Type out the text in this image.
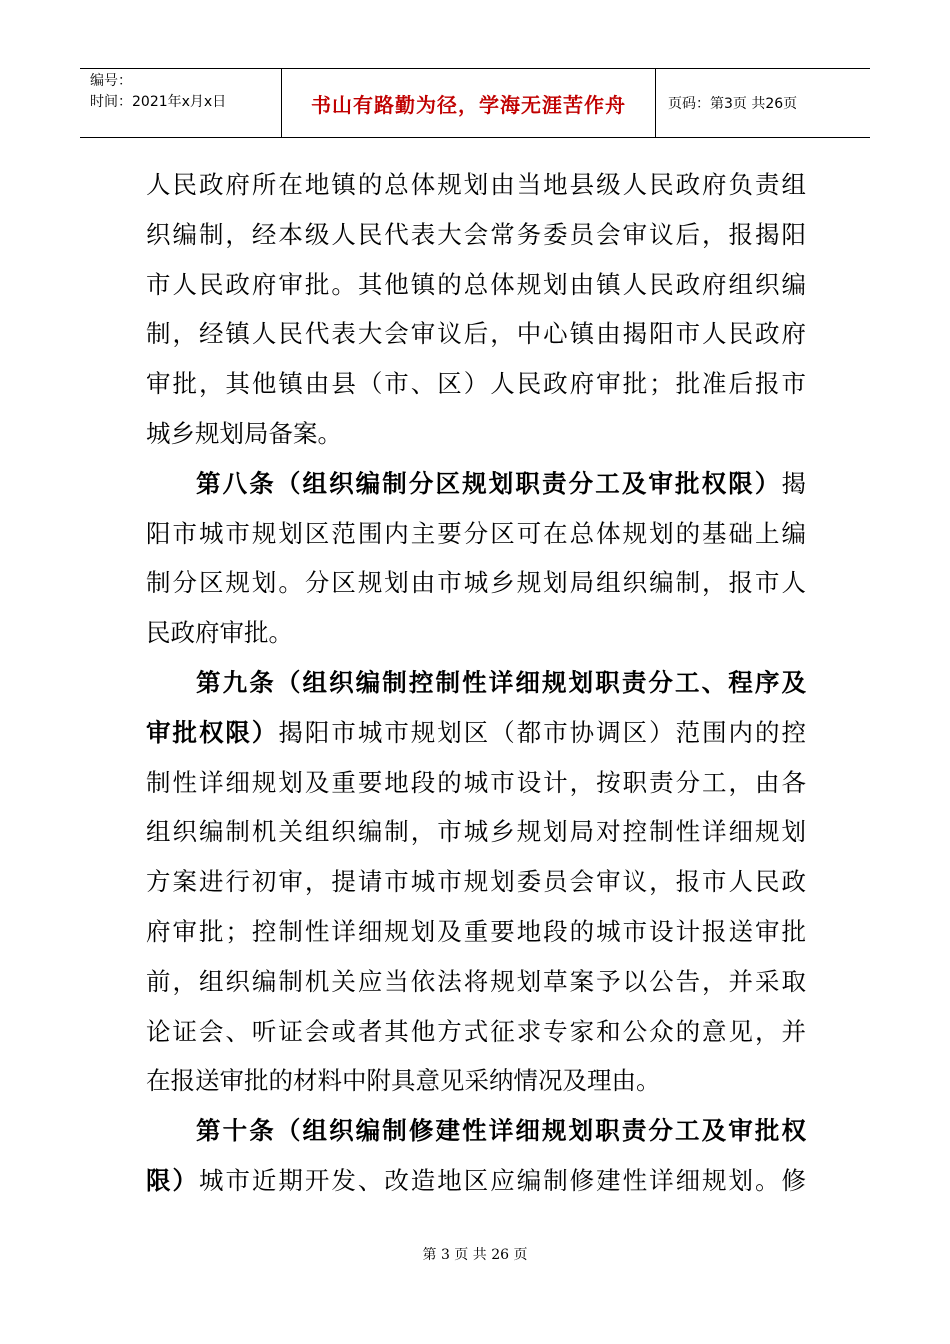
编号：
时间：2021年x月x日	书山有路勤为径，学海无涯苦作舟	页码：第3页 共26页
人民政府所在地镇的总体规划由当地县级人民政府负责组
织编制，经本级人民代表大会常务委员会审议后，报揭阳
市人民政府审批。其他镇的总体规划由镇人民政府组织编
制，经镇人民代表大会审议后，中心镇由揭阳市人民政府
审批，其他镇由县（市、区）人民政府审批；批准后报市
城乡规划局备案。
第八条（组织编制分区规划职责分工及审批权限）揭
阳市城市规划区范围内主要分区可在总体规划的基础上编
制分区规划。分区规划由市城乡规划局组织编制，报市人
民政府审批。
第九条（组织编制控制性详细规划职责分工、程序及
审批权限）揭阳市城市规划区（都市协调区）范围内的控
制性详细规划及重要地段的城市设计，按职责分工，由各
组织编制机关组织编制，市城乡规划局对控制性详细规划
方案进行初审，提请市城市规划委员会审议，报市人民政
府审批；控制性详细规划及重要地段的城市设计报送审批
前，组织编制机关应当依法将规划草案予以公告，并采取
论证会、听证会或者其他方式征求专家和公众的意见，并
在报送审批的材料中附具意见采纳情况及理由。
第十条（组织编制修建性详细规划职责分工及审批权
限）城市近期开发、改造地区应编制修建性详细规划。修
第 3 页 共 26 页
